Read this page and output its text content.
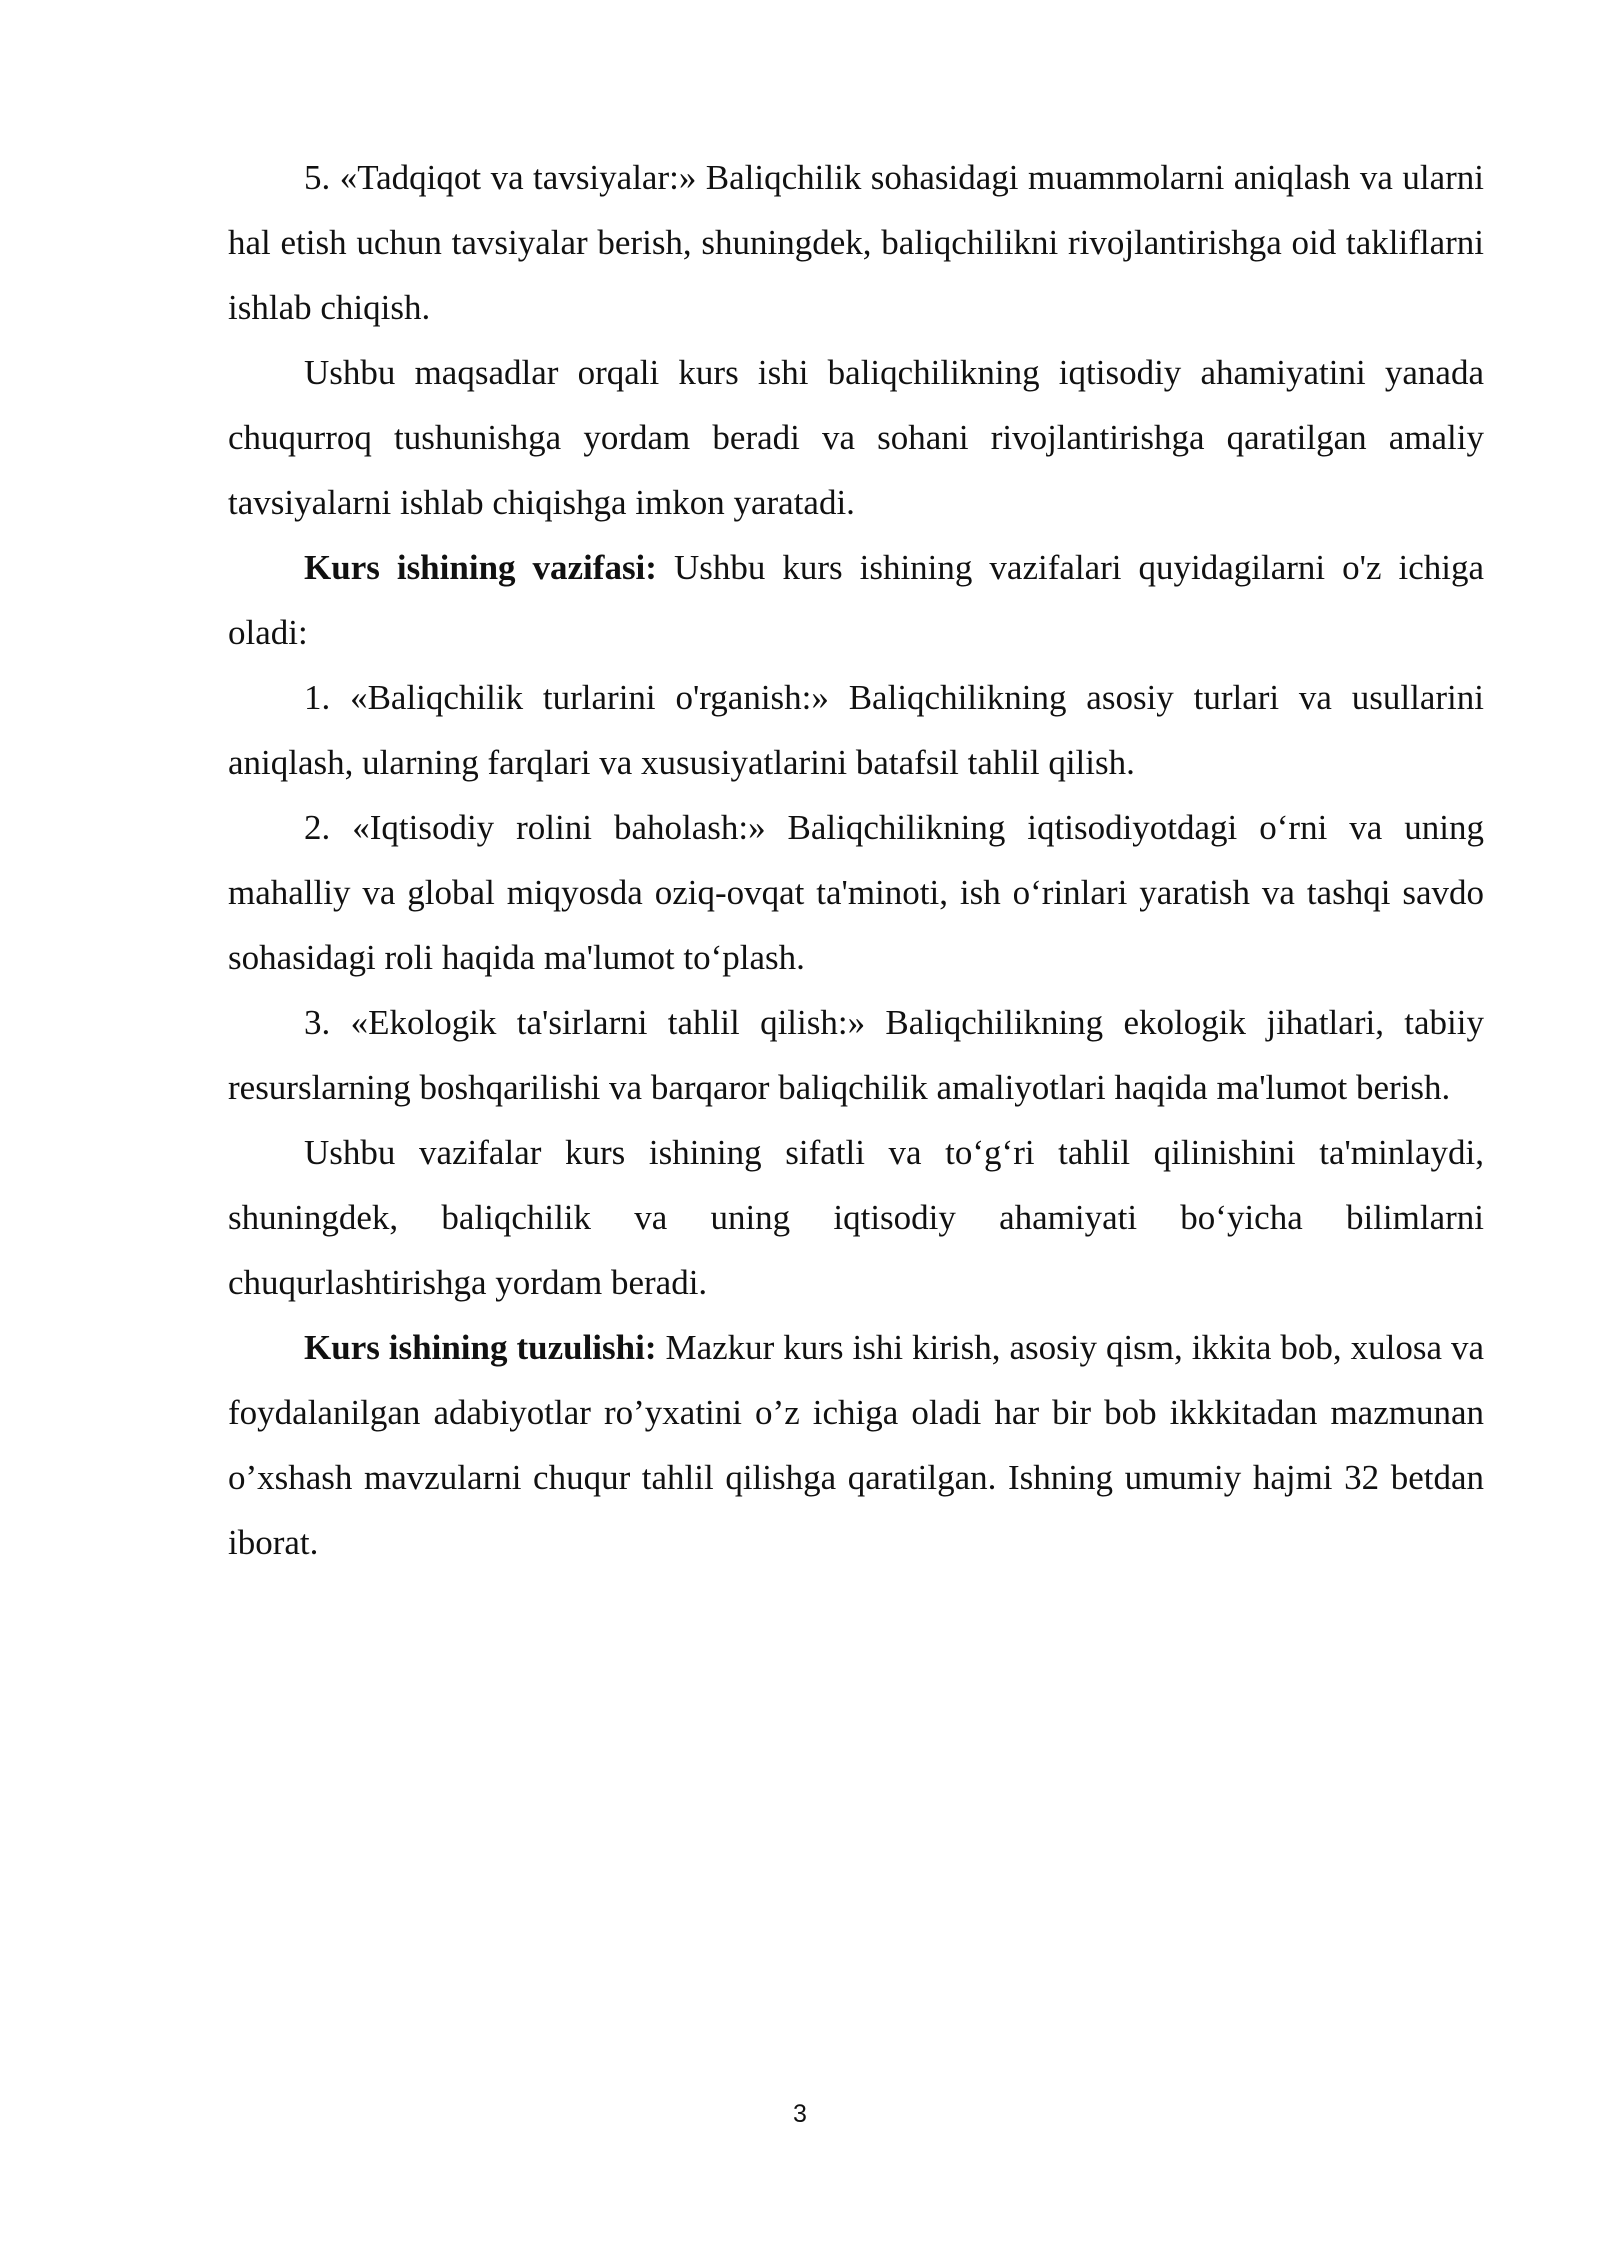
5. «Tadqiqot va tavsiyalar:» Baliqchilik sohasidagi muammolarni aniqlash va ularni hal etish uchun tavsiyalar berish, shuningdek, baliqchilikni rivojlantirishga oid takliflarni ishlab chiqish.

Ushbu maqsadlar orqali kurs ishi baliqchilikning iqtisodiy ahamiyatini yanada chuqurroq tushunishga yordam beradi va sohani rivojlantirishga qaratilgan amaliy tavsiyalarni ishlab chiqishga imkon yaratadi.

Kurs ishining vazifasi: Ushbu kurs ishining vazifalari quyidagilarni o'z ichiga oladi:

1. «Baliqchilik turlarini o'rganish:» Baliqchilikning asosiy turlari va usullarini aniqlash, ularning farqlari va xususiyatlarini batafsil tahlil qilish.

2. «Iqtisodiy rolini baholash:» Baliqchilikning iqtisodiyotdagi o‘rni va uning mahalliy va global miqyosda oziq-ovqat ta'minoti, ish o‘rinlari yaratish va tashqi savdo sohasidagi roli haqida ma'lumot to‘plash.

3. «Ekologik ta'sirlarni tahlil qilish:» Baliqchilikning ekologik jihatlari, tabiiy resurslarning boshqarilishi va barqaror baliqchilik amaliyotlari haqida ma'lumot berish.

Ushbu vazifalar kurs ishining sifatli va to‘g‘ri tahlil qilinishini ta'minlaydi, shuningdek, baliqchilik va uning iqtisodiy ahamiyati bo‘yicha bilimlarni chuqurlashtirishga yordam beradi.

Kurs ishining tuzulishi: Mazkur kurs ishi kirish, asosiy qism, ikkita bob, xulosa va foydalanilgan adabiyotlar ro’yxatini o’z ichiga oladi har bir bob ikkkitadan mazmunan o’xshash mavzularni chuqur tahlil qilishga qaratilgan. Ishning umumiy hajmi 32 betdan iborat.

3
